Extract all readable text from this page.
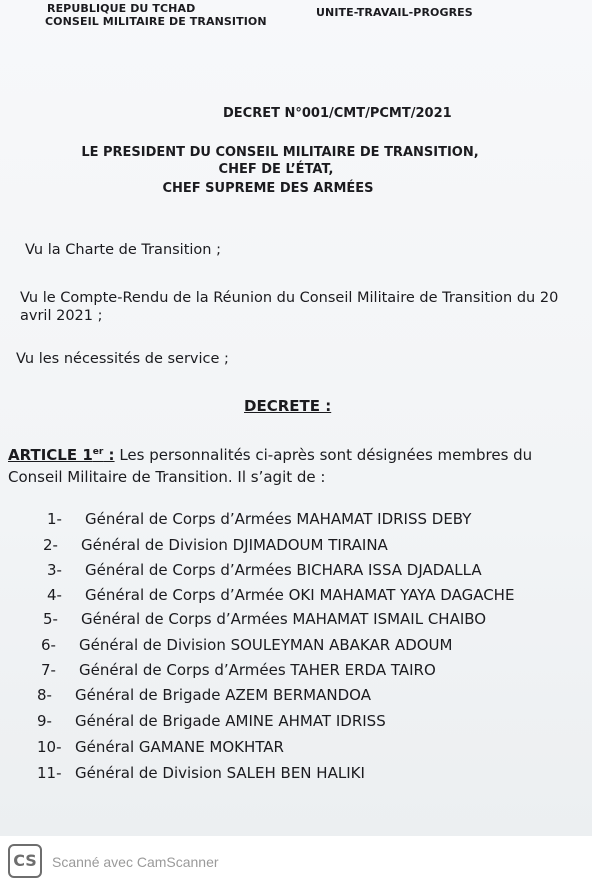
REPUBLIQUE DU TCHAD
CONSEIL MILITAIRE DE TRANSITION
UNITE-TRAVAIL-PROGRES
DECRET N°001/CMT/PCMT/2021
LE PRESIDENT DU CONSEIL MILITAIRE DE TRANSITION,
CHEF DE L’ÉTAT,
CHEF SUPREME DES ARMÉES
Vu la Charte de Transition ;
Vu le Compte-Rendu de la Réunion du Conseil Militaire de Transition du 20 avril 2021 ;
Vu les nécessités de service ;
DECRETE :
ARTICLE 1er : Les personnalités ci-après sont désignées membres du Conseil Militaire de Transition. Il s’agit de :
1- Général de Corps d’Armées MAHAMAT IDRISS DEBY
2- Général de Division DJIMADOUM TIRAINA
3- Général de Corps d’Armées BICHARA ISSA DJADALLA
4- Général de Corps d’Armée OKI MAHAMAT YAYA DAGACHE
5- Général de Corps d’Armées MAHAMAT ISMAIL CHAIBO
6- Général de Division SOULEYMAN ABAKAR ADOUM
7- Général de Corps d’Armées TAHER ERDA TAIRO
8- Général de Brigade AZEM BERMANDOA
9- Général de Brigade AMINE AHMAT IDRISS
10- Général GAMANE MOKHTAR
11- Général de Division SALEH BEN HALIKI
CS	Scanné avec CamScanner
